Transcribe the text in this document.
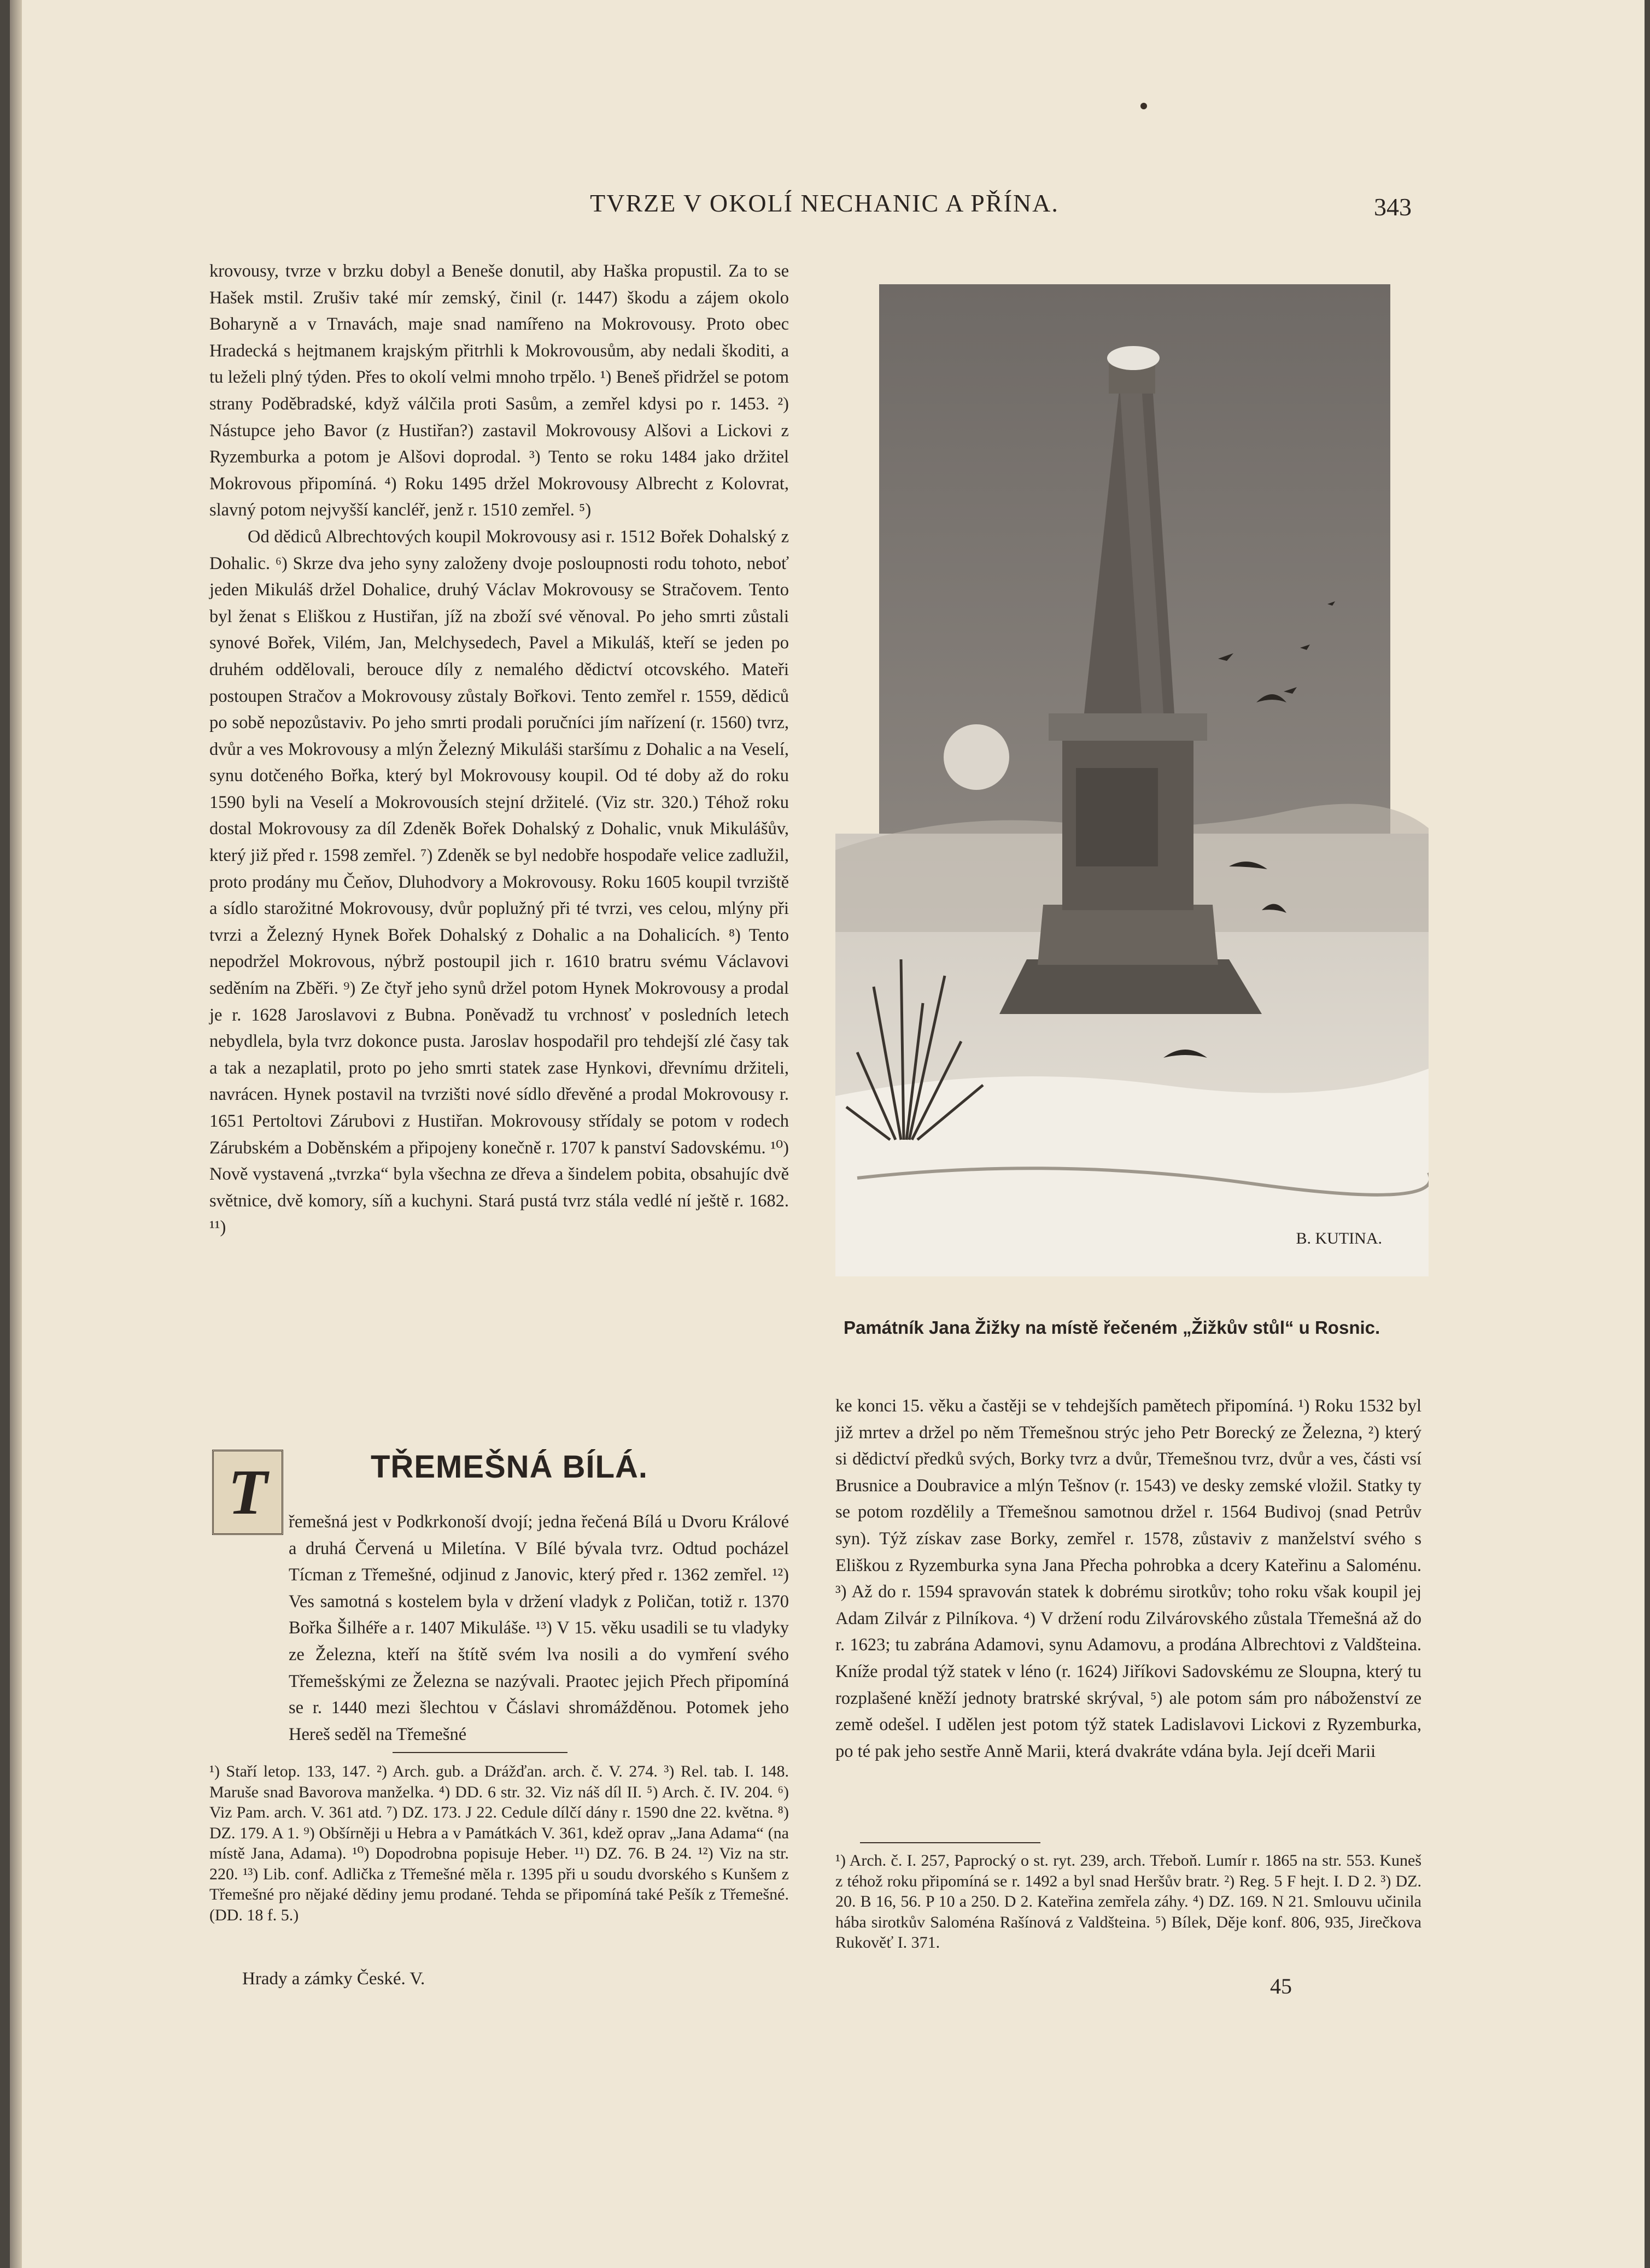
TVRZE V OKOLÍ NECHANIC A PŘÍNA.	343

krovousy, tvrze v brzku dobyl a Beneše donutil, aby Haška propustil. Za to se Hašek mstil. Zrušiv také mír zemský, činil (r. 1447) škodu a zájem okolo Boharyně a v Trnavách, maje snad namířeno na Mokrovousy. Proto obec Hradecká s hejtmanem krajským přitrhli k Mokrovousům, aby nedali škoditi, a tu leželi plný týden. Přes to okolí velmi mnoho trpělo. ¹) Beneš přidržel se potom strany Poděbradské, když válčila proti Sasům, a zemřel kdysi po r. 1453. ²) Nástupce jeho Bavor (z Hustiřan?) zastavil Mokrovousy Alšovi a Lickovi z Ryzemburka a potom je Alšovi doprodal. ³) Tento se roku 1484 jako držitel Mokrovous připomíná. ⁴) Roku 1495 držel Mokrovousy Albrecht z Kolovrat, slavný potom nejvyšší kancléř, jenž r. 1510 zemřel. ⁵)

Od dědiců Albrechtových koupil Mokrovousy asi r. 1512 Bořek Dohalský z Dohalic. ⁶) Skrze dva jeho syny založeny dvoje posloupnosti rodu tohoto, neboť jeden Mikuláš držel Dohalice, druhý Václav Mokrovousy se Stračovem. Tento byl ženat s Eliškou z Hustiřan, jíž na zboží své věnoval. Po jeho smrti zůstali synové Bořek, Vilém, Jan, Melchysedech, Pavel a Mikuláš, kteří se jeden po druhém oddělovali, berouce díly z nemalého dědictví otcovského. Mateři postoupen Stračov a Mokrovousy zůstaly Bořkovi. Tento zemřel r. 1559, dědiců po sobě nepozůstaviv. Po jeho smrti prodali poručníci jím nařízení (r. 1560) tvrz, dvůr a ves Mokrovousy a mlýn Železný Mikuláši staršímu z Dohalic a na Veselí, synu dotčeného Bořka, který byl Mokrovousy koupil. Od té doby až do roku 1590 byli na Veselí a Mokrovousích stejní držitelé. (Viz str. 320.) Téhož roku dostal Mokrovousy za díl Zdeněk Bořek Dohalský z Dohalic, vnuk Mikulášův, který již před r. 1598 zemřel. ⁷) Zdeněk se byl nedobře hospodaře velice zadlužil, proto prodány mu Čeňov, Dluhodvory a Mokrovousy. Roku 1605 koupil tvrziště a sídlo starožitné Mokrovousy, dvůr poplužný při té tvrzi, ves celou, mlýny při tvrzi a Železný Hynek Bořek Dohalský z Dohalic a na Dohalicích. ⁸) Tento nepodržel Mokrovous, nýbrž postoupil jich r. 1610 bratru svému Václavovi seděním na Zběři. ⁹) Ze čtyř jeho synů držel potom Hynek Mokrovousy a prodal je r. 1628 Jaroslavovi z Bubna. Poněvadž tu vrchnosť v posledních letech nebydlela, byla tvrz dokonce pusta. Jaroslav hospodařil pro tehdejší zlé časy tak a tak a nezaplatil, proto po jeho smrti statek zase Hynkovi, dřevnímu držiteli, navrácen. Hynek postavil na tvrzišti nové sídlo dřevěné a prodal Mokrovousy r. 1651 Pertoltovi Zárubovi z Hustiřan. Mokrovousy střídaly se potom v rodech Zárubském a Doběnském a připojeny konečně r. 1707 k panství Sadovskému. ¹⁰) Nově vystavená „tvrzka“ byla všechna ze dřeva a šindelem pobita, obsahujíc dvě světnice, dvě komory, síň a kuchyni. Stará pustá tvrz stála vedlé ní ještě r. 1682. ¹¹)

T	TŘEMEŠNÁ BÍLÁ.

řemešná jest v Podkrkonoší dvojí; jedna řečená Bílá u Dvoru Králové a druhá Červená u Miletína. V Bílé bývala tvrz. Odtud pocházel Tícman z Třemešné, odjinud z Janovic, který před r. 1362 zemřel. ¹²) Ves samotná s kostelem byla v držení vladyk z Poličan, totiž r. 1370 Bořka Šilhéře a r. 1407 Mikuláše. ¹³) V 15. věku usadili se tu vladyky ze Železna, kteří na štítě svém lva nosili a do vymření svého Třemešskými ze Železna se nazývali. Praotec jejich Přech připomíná se r. 1440 mezi šlechtou v Čáslavi shromážděnou. Potomek jeho Hereš seděl na Třemešné

¹) Staří letop. 133, 147. ²) Arch. gub. a Drážďan. arch. č. V. 274. ³) Rel. tab. I. 148. Maruše snad Bavorova manželka. ⁴) DD. 6 str. 32. Viz náš díl II. ⁵) Arch. č. IV. 204. ⁶) Viz Pam. arch. V. 361 atd. ⁷) DZ. 173. J 22. Cedule dílčí dány r. 1590 dne 22. května. ⁸) DZ. 179. A 1. ⁹) Obšírněji u Hebra a v Památkách V. 361, kdež oprav „Jana Adama“ (na místě Jana, Adama). ¹⁰) Dopodrobna popisuje Heber. ¹¹) DZ. 76. B 24. ¹²) Viz na str. 220. ¹³) Lib. conf. Adlička z Třemešné měla r. 1395 při u soudu dvorského s Kunšem z Třemešné pro nějaké dědiny jemu prodané. Tehda se připomíná také Pešík z Třemešné. (DD. 18 f. 5.)

Hrady a zámky České. V.
B. KUTINA.
Památník Jana Žižky na místě řečeném „Žižkův stůl“ u Rosnic.

ke konci 15. věku a častěji se v tehdejších pamětech připomíná. ¹) Roku 1532 byl již mrtev a držel po něm Třemešnou strýc jeho Petr Borecký ze Železna, ²) který si dědictví předků svých, Borky tvrz a dvůr, Třemešnou tvrz, dvůr a ves, části vsí Brusnice a Doubravice a mlýn Tešnov (r. 1543) ve desky zemské vložil. Statky ty se potom rozdělily a Třemešnou samotnou držel r. 1564 Budivoj (snad Petrův syn). Týž získav zase Borky, zemřel r. 1578, zůstaviv z manželství svého s Eliškou z Ryzemburka syna Jana Přecha pohrobka a dcery Kateřinu a Saloménu. ³) Až do r. 1594 spravován statek k dobrému sirotkův; toho roku však koupil jej Adam Zilvár z Pilníkova. ⁴) V držení rodu Zilvárovského zůstala Třemešná až do r. 1623; tu zabrána Adamovi, synu Adamovu, a prodána Albrechtovi z Valdšteina. Kníže prodal týž statek v léno (r. 1624) Jiříkovi Sadovskému ze Sloupna, který tu rozplašené kněží jednoty bratrské skrýval, ⁵) ale potom sám pro náboženství ze země odešel. I udělen jest potom týž statek Ladislavovi Lickovi z Ryzemburka, po té pak jeho sestře Anně Marii, která dvakráte vdána byla. Její dceři Marii

¹) Arch. č. I. 257, Paprocký o st. ryt. 239, arch. Třeboň. Lumír r. 1865 na str. 553. Kuneš z téhož roku připomíná se r. 1492 a byl snad Heršův bratr. ²) Reg. 5 F hejt. I. D 2. ³) DZ. 20. B 16, 56. P 10 a 250. D 2. Kateřina zemřela záhy. ⁴) DZ. 169. N 21. Smlouvu učinila hába sirotkův Saloména Rašínová z Valdšteina. ⁵) Bílek, Děje konf. 806, 935, Jirečkova Rukověť I. 371.

45
